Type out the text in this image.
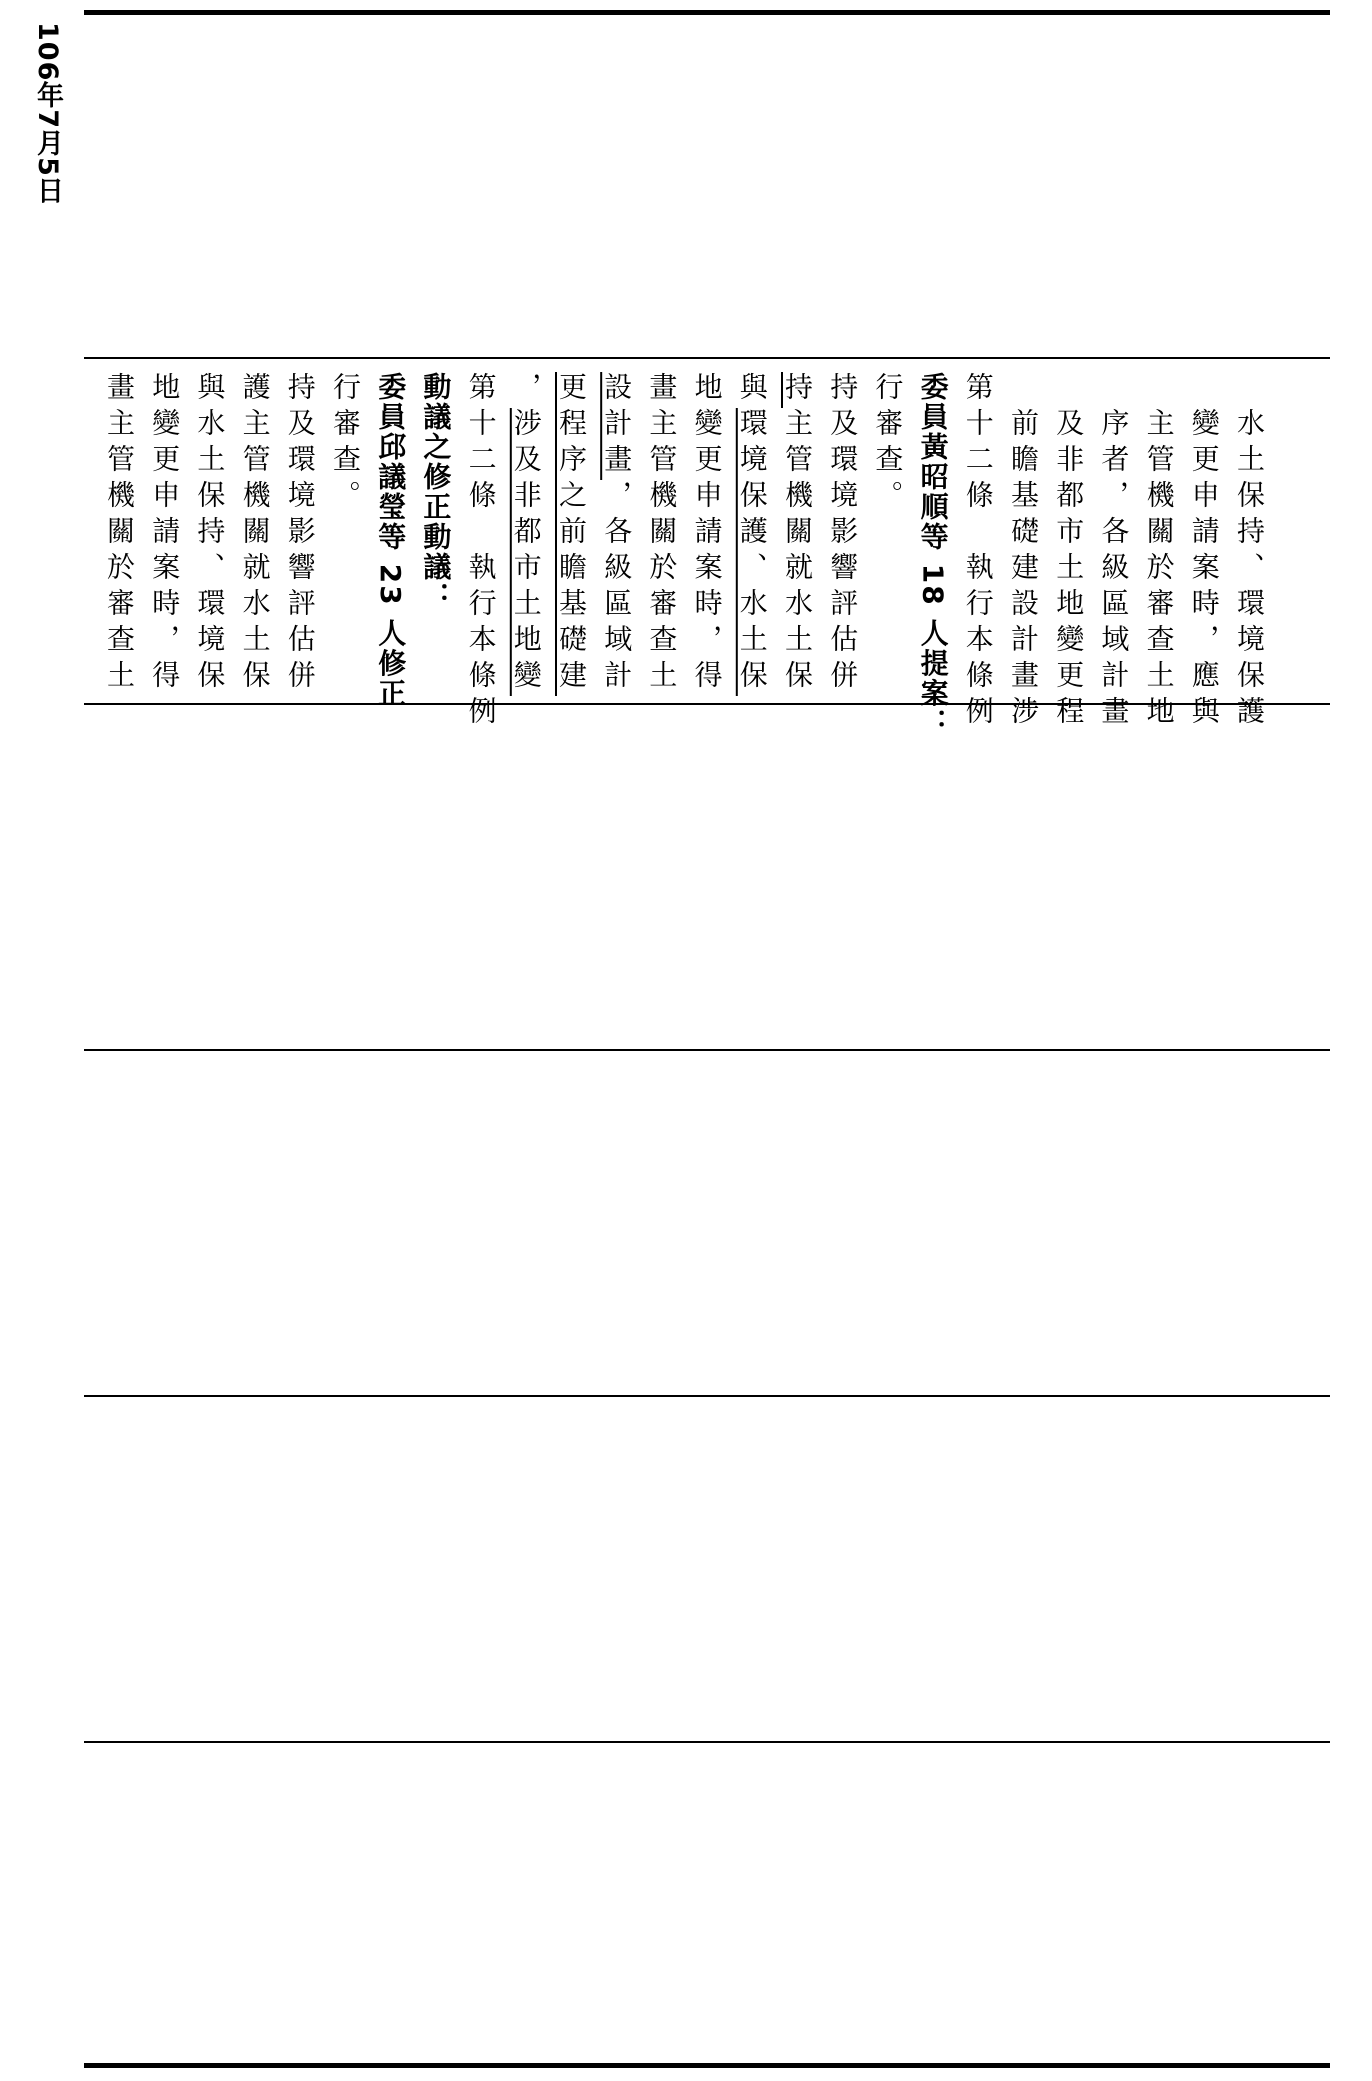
106年7月5日
畫主管機關於審查土 地變更申請案時，得 與水土保持、環境保 護主管機關就水土保 持及環境影響評估併 行審查。 委員邱議瑩等 23 人修正 動議之修正動議： 第十二條　執行本條例 ，涉及非都市土地變 更程序之前瞻基礎建 設計畫，各級區域計 畫主管機關於審查土 地變更申請案時，得 與環境保護、水土保
持主管機關就水土保 持及環境影響評估併 行審查。 委員黃昭順等 18 人提案： 第十二條　執行本條例 　前瞻基礎建設計畫涉 　及非都市土地變更程 　序者，各級區域計畫 　主管機關於審查土地 　變更申請案時，應與 　水土保持、環境保護
